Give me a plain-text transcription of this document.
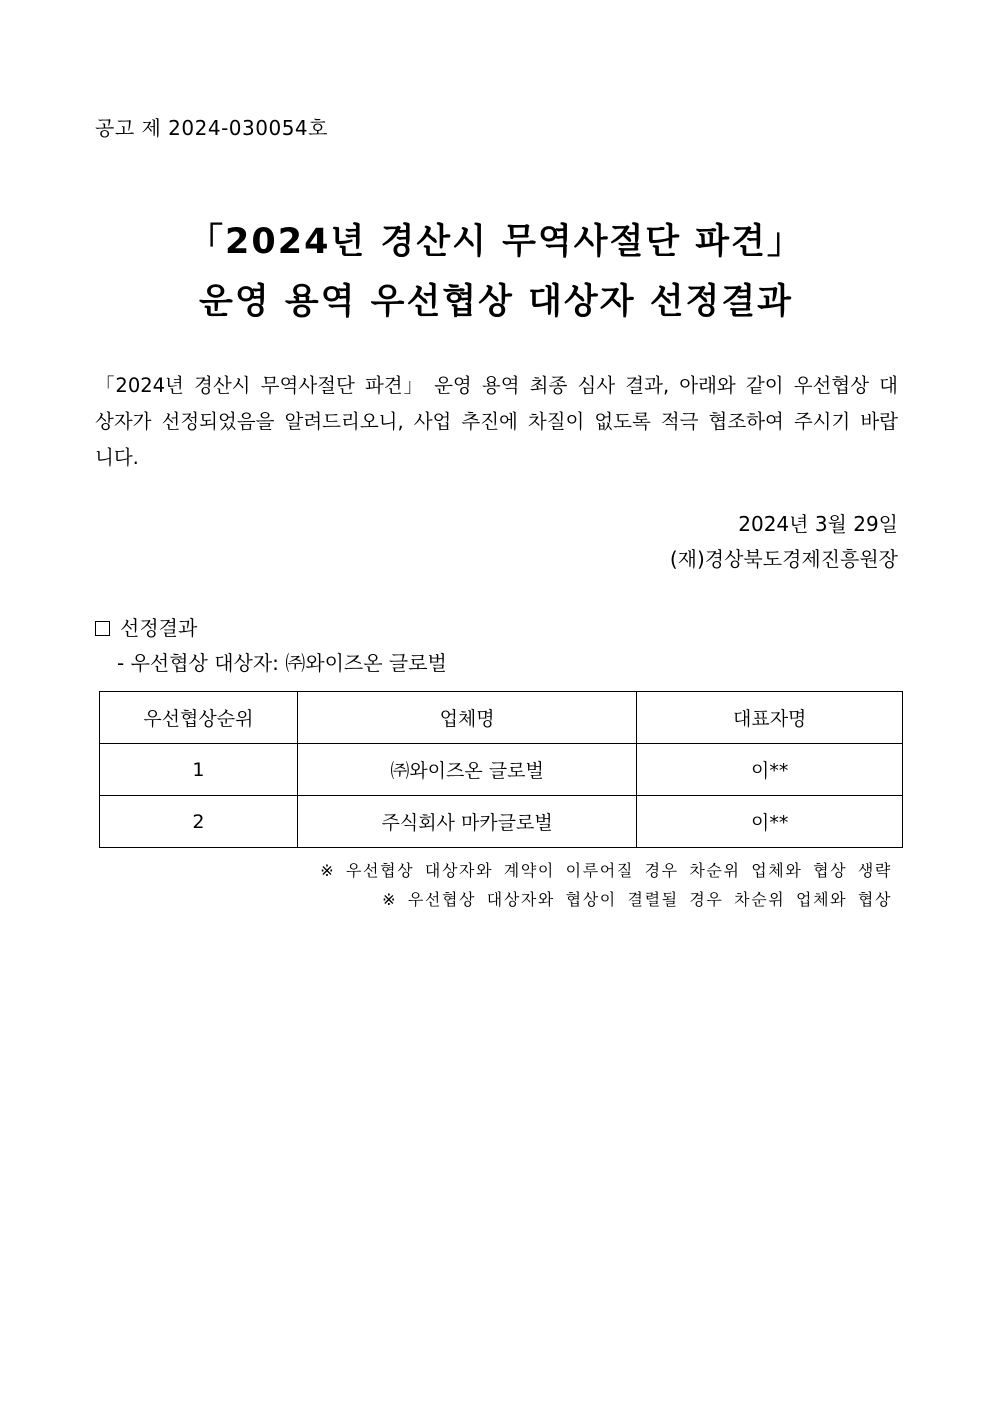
공고 제 2024-030054호
「2024년 경산시 무역사절단 파견」
운영 용역 우선협상 대상자 선정결과

「2024년 경산시 무역사절단 파견」 운영 용역 최종 심사 결과, 아래와 같이 우선협상 대상자가 선정되었음을 알려드리오니, 사업 추진에 차질이 없도록 적극 협조하여 주시기 바랍니다.

2024년 3월 29일
(재)경상북도경제진흥원장
선정결과
- 우선협상 대상자: ㈜와이즈온 글로벌
우선협상순위	업체명	대표자명
1	㈜와이즈온 글로벌	이**
2	주식회사 마카글로벌	이**
※ 우선협상 대상자와 계약이 이루어질 경우 차순위 업체와 협상 생략
※ 우선협상 대상자와 협상이 결렬될 경우 차순위 업체와 협상
